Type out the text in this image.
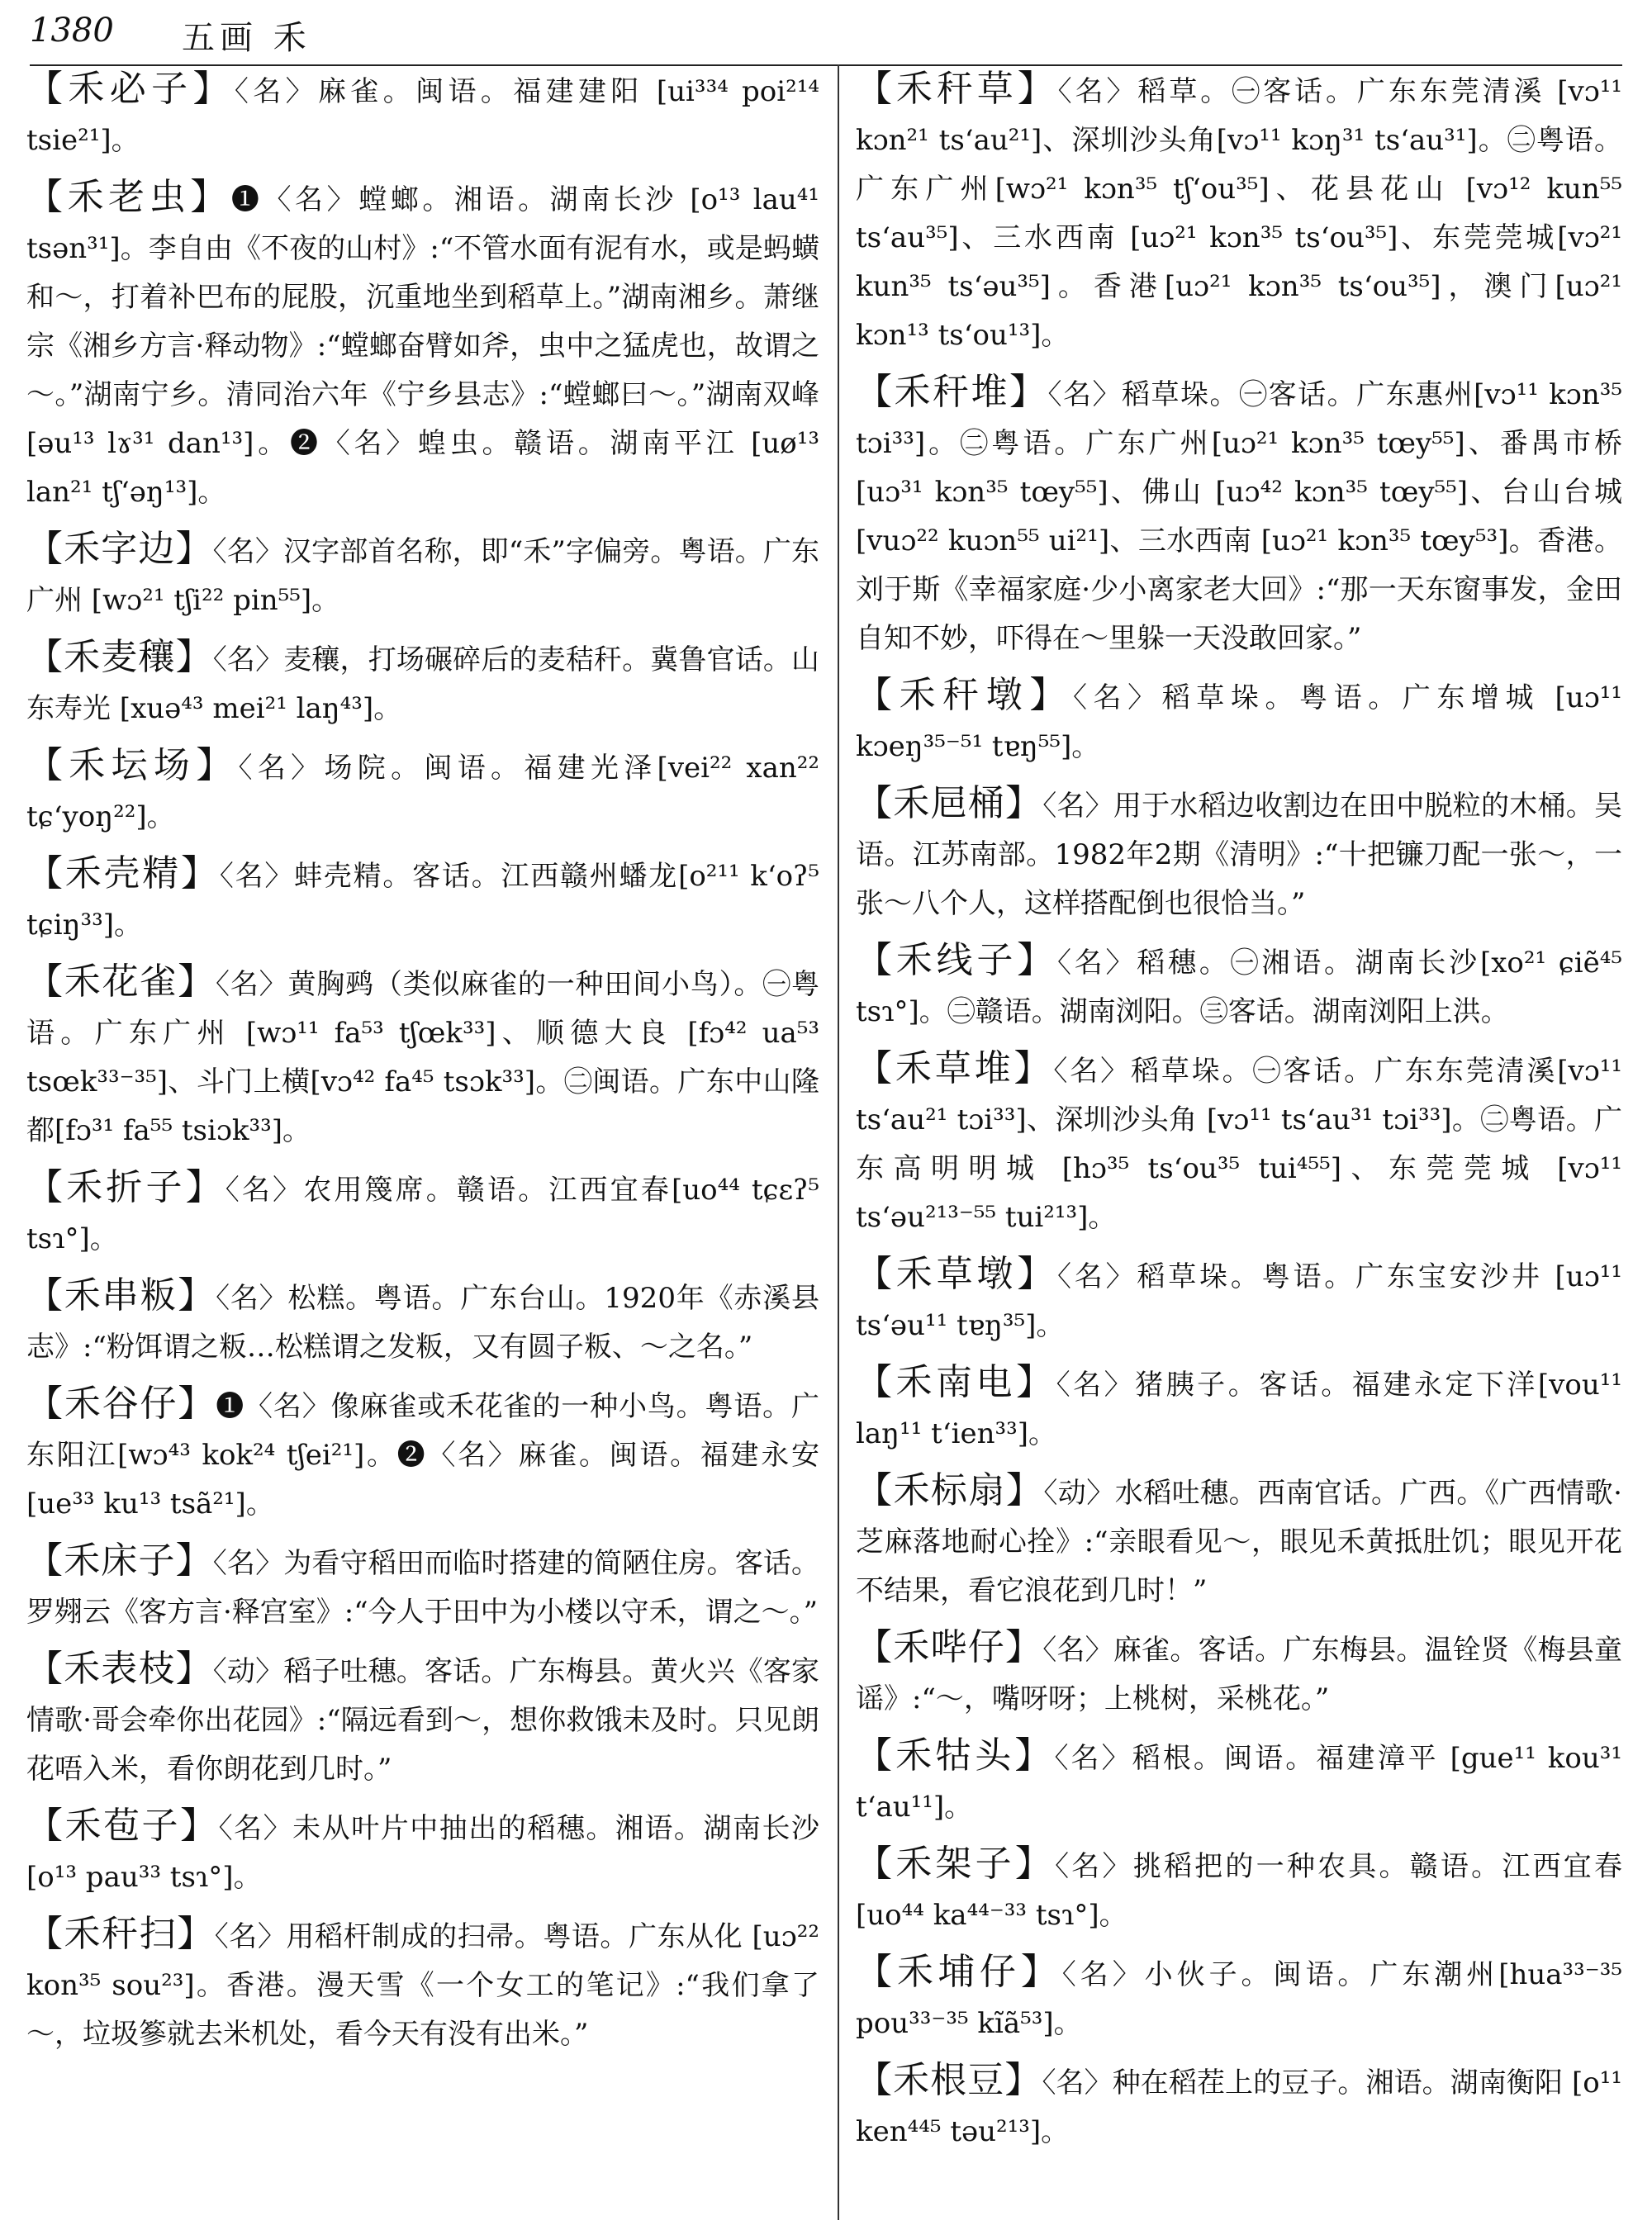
1380 五画 禾

【禾必子】〈名〉麻雀。闽语。福建建阳 [ui³³⁴ poi²¹⁴ tsie²¹]。

【禾老虫】❶〈名〉螳螂。湘语。湖南长沙 [o¹³ lau⁴¹ tsən³¹]。李自由《不夜的山村》:“不管水面有泥有水，或是蚂蟥和～，打着补巴布的屁股，沉重地坐到稻草上。”湖南湘乡。萧继宗《湘乡方言·释动物》:“螳螂奋臂如斧，虫中之猛虎也，故谓之～。”湖南宁乡。清同治六年《宁乡县志》:“螳螂曰～。”湖南双峰 [əu¹³ lɤ³¹ dan¹³]。❷〈名〉蝗虫。赣语。湖南平江 [uø¹³ lan²¹ tʃʻəŋ¹³]。

【禾字边】〈名〉汉字部首名称，即“禾”字偏旁。粤语。广东广州 [wɔ²¹ tʃi²² pin⁵⁵]。

【禾麦穰】〈名〉麦穰，打场碾碎后的麦秸秆。冀鲁官话。山东寿光 [xuə⁴³ mei²¹ laŋ⁴³]。

【禾坛场】〈名〉场院。闽语。福建光泽[vei²² xan²² tɕʻyoŋ²²]。

【禾壳精】〈名〉蚌壳精。客话。江西赣州蟠龙[o²¹¹ kʻoʔ⁵ tɕiŋ³³]。

【禾花雀】〈名〉黄胸鹀（类似麻雀的一种田间小鸟）。㊀粤语。广东广州 [wɔ¹¹ fa⁵³ tʃœk³³]、顺德大良 [fɔ⁴² ua⁵³ tsœk³³⁻³⁵]、斗门上横[vɔ⁴² fa⁴⁵ tsɔk³³]。㊁闽语。广东中山隆都[fɔ³¹ fa⁵⁵ tsiɔk³³]。

【禾折子】〈名〉农用篾席。赣语。江西宜春[uo⁴⁴ tɕɛʔ⁵ tsɿ°]。

【禾串粄】〈名〉松糕。粤语。广东台山。1920年《赤溪县志》:“粉饵谓之粄…松糕谓之发粄，又有圆子粄、～之名。”

【禾谷仔】❶〈名〉像麻雀或禾花雀的一种小鸟。粤语。广东阳江[wɔ⁴³ kok²⁴ tʃei²¹]。❷〈名〉麻雀。闽语。福建永安[ue³³ ku¹³ tsã²¹]。

【禾床子】〈名〉为看守稻田而临时搭建的简陋住房。客话。罗翙云《客方言·释宫室》:“今人于田中为小楼以守禾，谓之～。”

【禾表枝】〈动〉稻子吐穗。客话。广东梅县。黄火兴《客家情歌·哥会牵你出花园》:“隔远看到～，想你救饿未及时。只见朗花唔入米，看你朗花到几时。”

【禾苞子】〈名〉未从叶片中抽出的稻穗。湘语。湖南长沙[o¹³ pau³³ tsɿ°]。

【禾秆扫】〈名〉用稻杆制成的扫帚。粤语。广东从化 [uɔ²² kon³⁵ sou²³]。香港。漫天雪《一个女工的笔记》:“我们拿了～，垃圾篸就去米机处，看今天有没有出米。”

【禾秆草】〈名〉稻草。㊀客话。广东东莞清溪 [vɔ¹¹ kɔn²¹ tsʻau²¹]、深圳沙头角[vɔ¹¹ kɔŋ³¹ tsʻau³¹]。㊁粤语。广东广州[wɔ²¹ kɔn³⁵ tʃʻou³⁵]、花县花山 [vɔ¹² kun⁵⁵ tsʻau³⁵]、三水西南 [uɔ²¹ kɔn³⁵ tsʻou³⁵]、东莞莞城[vɔ²¹ kun³⁵ tsʻəu³⁵]。香港[uɔ²¹ kɔn³⁵ tsʻou³⁵]，澳门[uɔ²¹ kɔn¹³ tsʻou¹³]。

【禾秆堆】〈名〉稻草垛。㊀客话。广东惠州[vɔ¹¹ kɔn³⁵ tɔi³³]。㊁粤语。广东广州[uɔ²¹ kɔn³⁵ tœy⁵⁵]、番禺市桥 [uɔ³¹ kɔn³⁵ tœy⁵⁵]、佛山 [uɔ⁴² kɔn³⁵ tœy⁵⁵]、台山台城[vuɔ²² kuɔn⁵⁵ ui²¹]、三水西南 [uɔ²¹ kɔn³⁵ tœy⁵³]。香港。刘于斯《幸福家庭·少小离家老大回》:“那一天东窗事发，金田自知不妙，吓得在～里躲一天没敢回家。”

【禾秆墩】〈名〉稻草垛。粤语。广东增城 [uɔ¹¹ kɔeŋ³⁵⁻⁵¹ tɐŋ⁵⁵]。

【禾㞎桶】〈名〉用于水稻边收割边在田中脱粒的木桶。吴语。江苏南部。1982年2期《清明》:“十把镰刀配一张～，一张～八个人，这样搭配倒也很恰当。”

【禾线子】〈名〉稻穗。㊀湘语。湖南长沙[xo²¹ ɕiẽ⁴⁵ tsɿ°]。㊁赣语。湖南浏阳。㊂客话。湖南浏阳上洪。

【禾草堆】〈名〉稻草垛。㊀客话。广东东莞清溪[vɔ¹¹ tsʻau²¹ tɔi³³]、深圳沙头角 [vɔ¹¹ tsʻau³¹ tɔi³³]。㊁粤语。广东高明明城 [hɔ³⁵ tsʻou³⁵ tui⁴⁵⁵]、东莞莞城 [vɔ¹¹ tsʻəu²¹³⁻⁵⁵ tui²¹³]。

【禾草墩】〈名〉稻草垛。粤语。广东宝安沙井 [uɔ¹¹ tsʻəu¹¹ tɐŋ³⁵]。

【禾南电】〈名〉猪胰子。客话。福建永定下洋[vou¹¹ laŋ¹¹ tʻien³³]。

【禾标扇】〈动〉水稻吐穗。西南官话。广西。《广西情歌·芝麻落地耐心拴》:“亲眼看见～，眼见禾黄抵肚饥；眼见开花不结果，看它浪花到几时！”

【禾哔仔】〈名〉麻雀。客话。广东梅县。温铨贤《梅县童谣》:“～，嘴呀呀；上桃树，采桃花。”

【禾牯头】〈名〉稻根。闽语。福建漳平 [gue¹¹ kou³¹ tʻau¹¹]。

【禾架子】〈名〉挑稻把的一种农具。赣语。江西宜春 [uo⁴⁴ ka⁴⁴⁻³³ tsɿ°]。

【禾埔仔】〈名〉小伙子。闽语。广东潮州[hua³³⁻³⁵ pou³³⁻³⁵ kĩã⁵³]。

【禾根豆】〈名〉种在稻茬上的豆子。湘语。湖南衡阳 [o¹¹ ken⁴⁴⁵ təu²¹³]。
